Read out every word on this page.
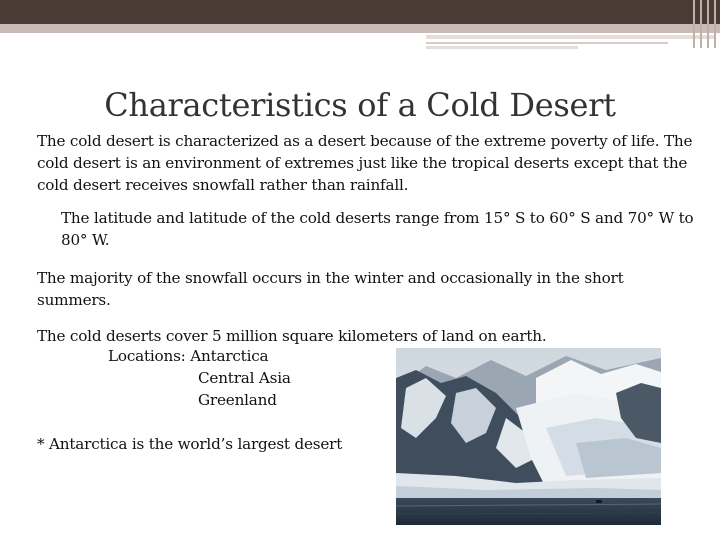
Characteristics of a Cold Desert

The cold desert is characterized as a desert because of the extreme poverty of life. The cold desert is an environment of extremes just like the tropical deserts except that the cold desert receives snowfall rather than rainfall.

The latitude and latitude of the cold deserts range from 15° S to 60° S and 70° W to 80° W.

The majority of the snowfall occurs in the winter and occasionally in the short summers.

The cold deserts cover 5 million square kilometers of land on earth.

Locations: Antarctica

Central Asia

Greenland

* Antarctica is the world’s largest desert
